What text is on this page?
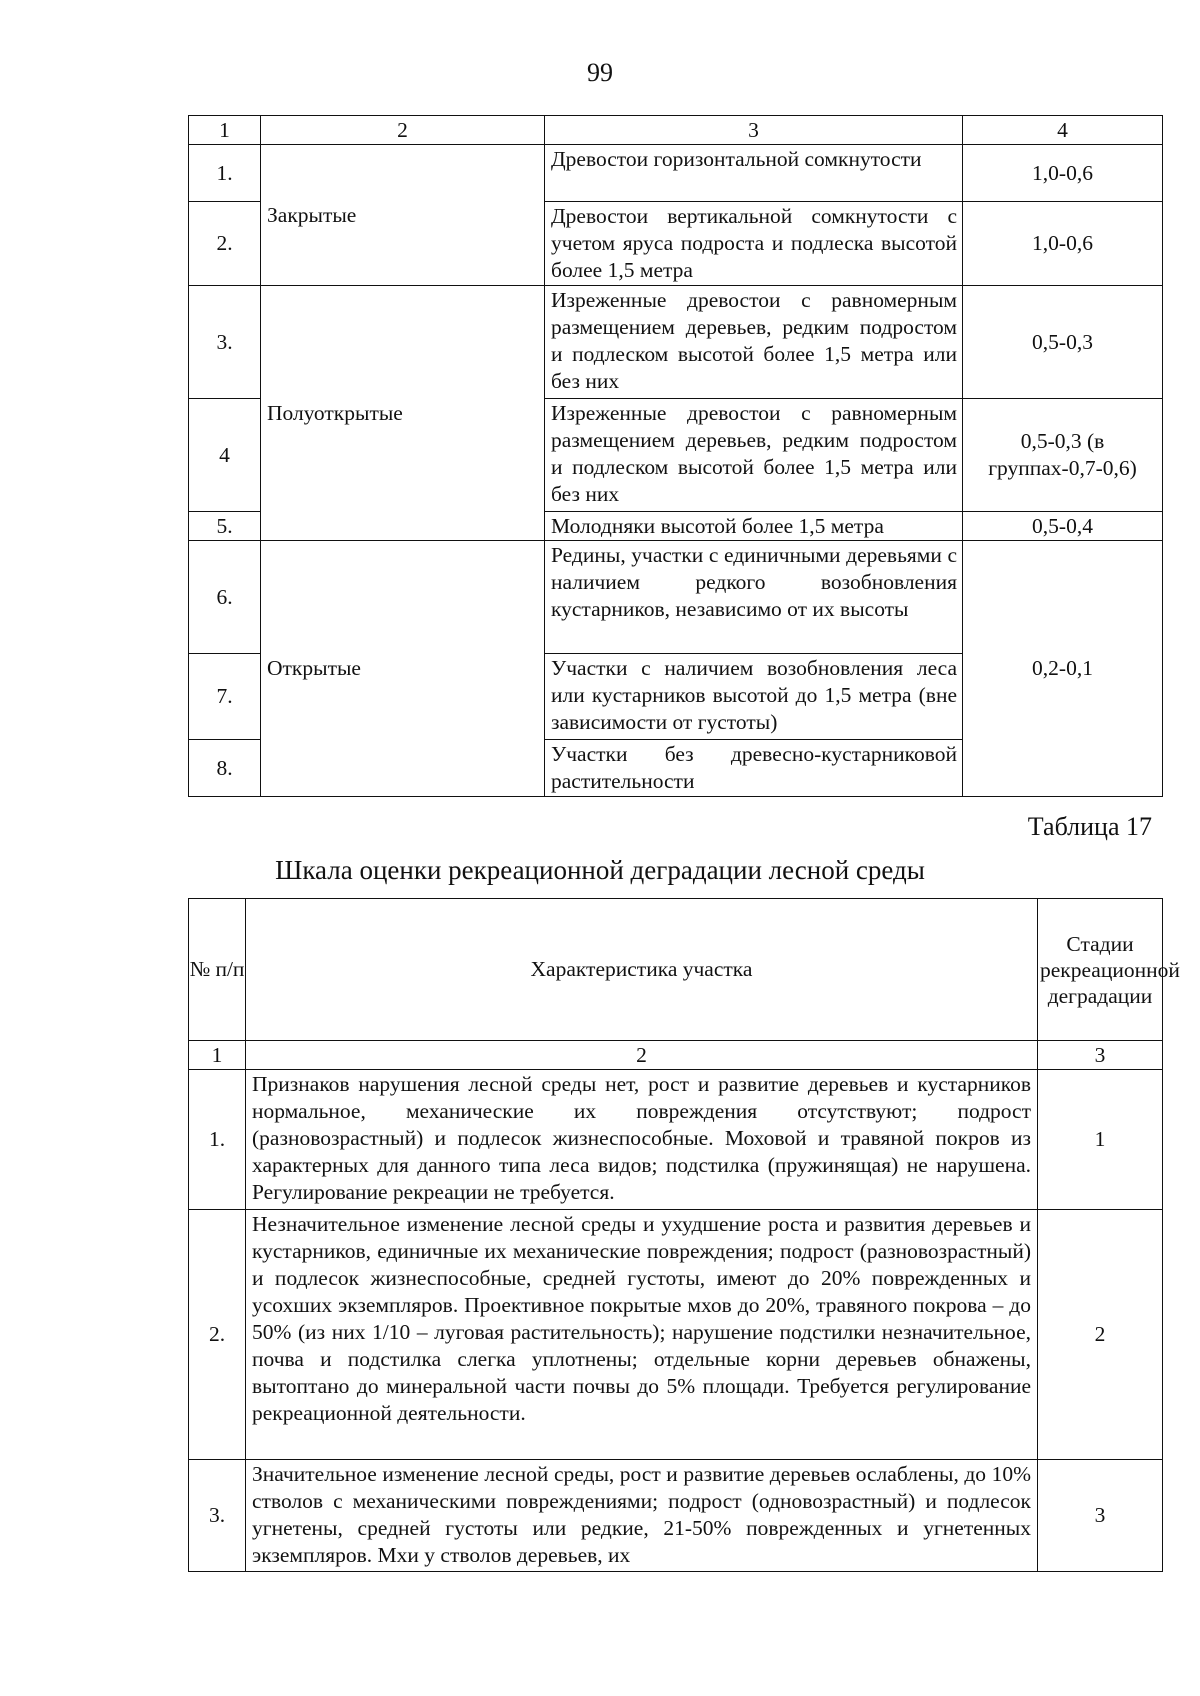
99
1	2	3	4
1.	Закрытые	Древостои горизонтальной сомкнутости	1,0-0,6
2.		Древостои вертикальной сомкнутости с учетом яруса подроста и подлеска высотой более 1,5 метра	1,0-0,6
3.	Полуоткрытые	Изреженные древостои с равномерным размещением деревьев, редким подростом и подлеском высотой более 1,5 метра или без них	0,5-0,3
4		Изреженные древостои с равномерным размещением деревьев, редким подростом и подлеском высотой более 1,5 метра или без них	0,5-0,3 (в группах-0,7-0,6)
5.		Молодняки высотой более 1,5 метра	0,5-0,4
6.	Открытые	Редины, участки с единичными деревьями с наличием редкого возобновления кустарников, независимо от их высоты	0,2-0,1
7.		Участки с наличием возобновления леса или кустарников высотой до 1,5 метра (вне зависимости от густоты)	
8.		Участки без древесно-кустарниковой растительности	
Таблица 17
Шкала оценки рекреационной деградации лесной среды
№ п/п	Характеристика участка	Стадии рекреационной деградации
1	2	3
1.	Признаков нарушения лесной среды нет, рост и развитие деревьев и кустарников нормальное, механические их повреждения отсутствуют; подрост (разновозрастный) и подлесок жизнеспособные. Моховой и травяной покров из характерных для данного типа леса видов; подстилка (пружинящая) не нарушена. Регулирование рекреации не требуется.	1
2.	Незначительное изменение лесной среды и ухудшение роста и развития деревьев и кустарников, единичные их механические повреждения; подрост (разновозрастный) и подлесок жизнеспособные, средней густоты, имеют до 20% поврежденных и усохших экземпляров. Проективное покрытые мхов до 20%, травяного покрова – до 50% (из них 1/10 – луговая растительность); нарушение подстилки незначительное, почва и подстилка слегка уплотнены; отдельные корни деревьев обнажены, вытоптано до минеральной части почвы до 5% площади. Требуется регулирование рекреационной деятельности.	2
3.	Значительное изменение лесной среды, рост и развитие деревьев ослаблены, до 10% стволов с механическими повреждениями; подрост (одновозрастный) и подлесок угнетены, средней густоты или редкие, 21-50% поврежденных и угнетенных экземпляров. Мхи у стволов деревьев, их	3
